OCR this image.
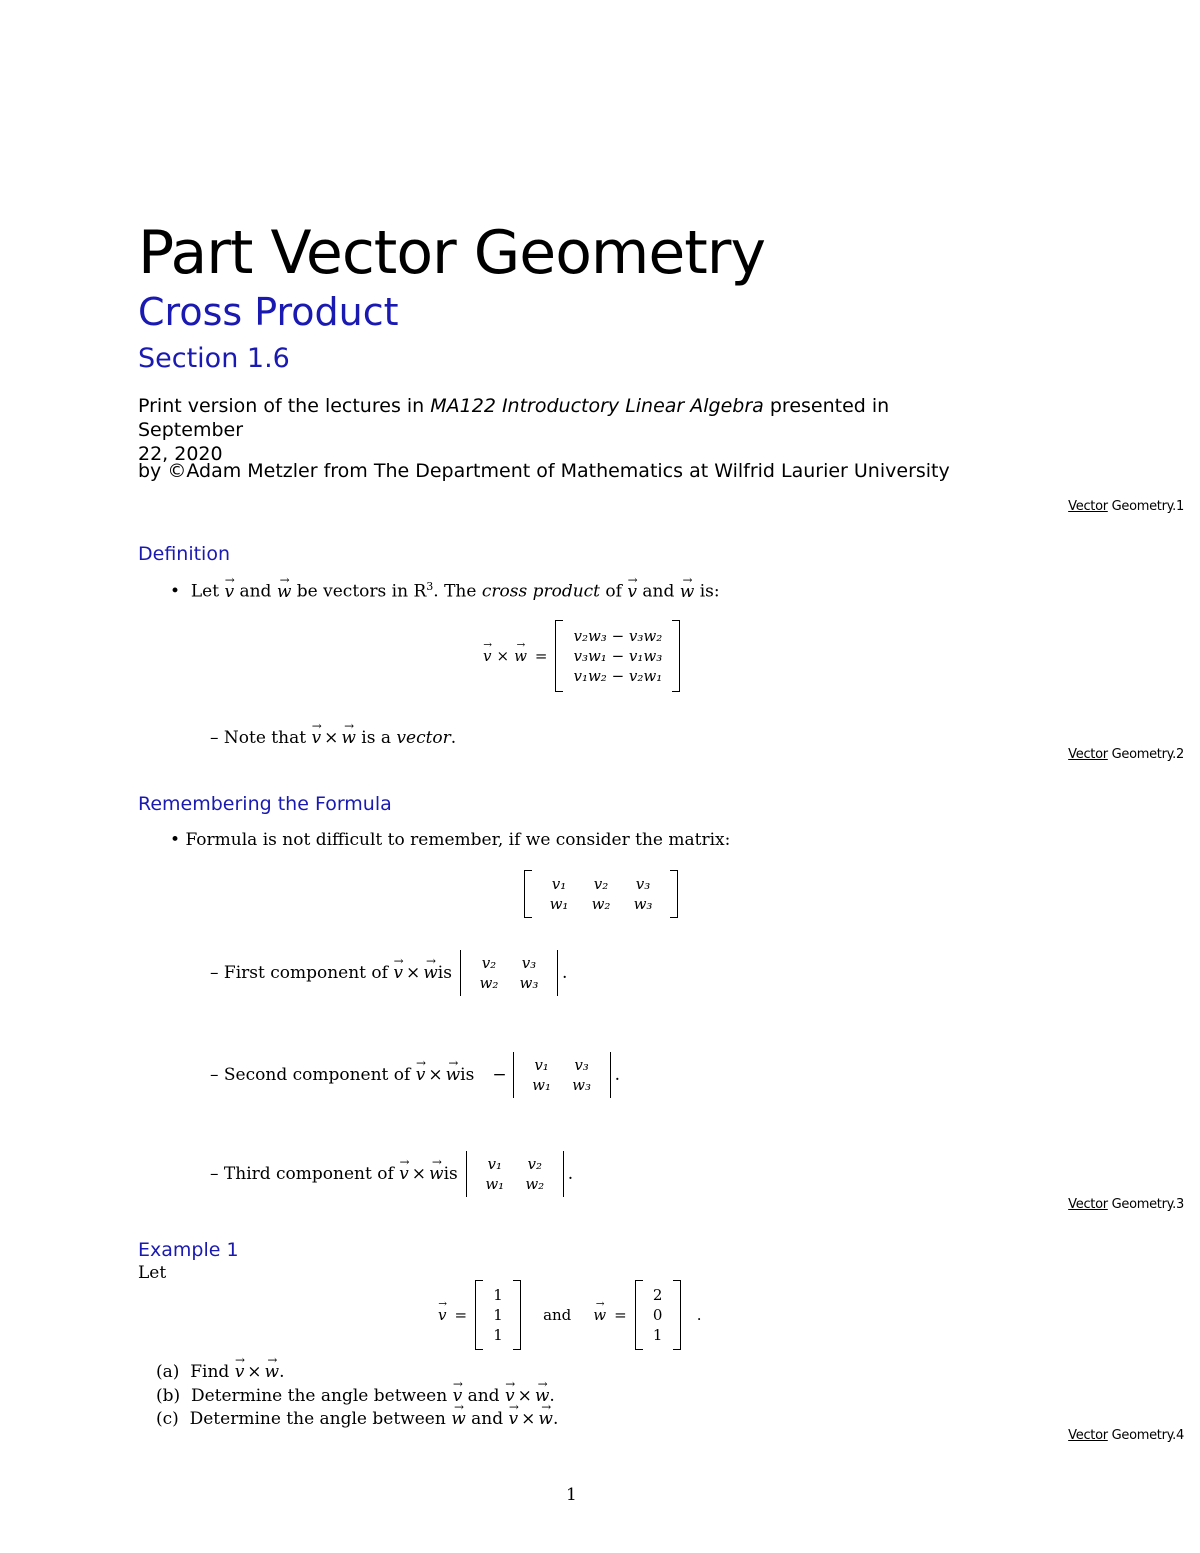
Part Vector Geometry
Cross Product
Section 1.6
Print version of the lectures in MA122 Introductory Linear Algebra presented in September
22, 2020
by ©Adam Metzler from The Department of Mathematics at Wilfrid Laurier University
Vector Geometry.1
Definition
•  Let → v and → w be vectors in $R^3$. The cross product of → v and → w is:
→ v × → w =
v₂w₃ − v₃w₂
v₃w₁ − v₁w₃
v₁w₂ − v₂w₁
– Note that → v × → w is a vector.
Vector Geometry.2
Remembering the Formula
• Formula is not difficult to remember, if we consider the matrix:
v₁	v₂	v₃
w₁	w₂	w₃
– First component of
→ v × → w is	v₂	v₃
w₂	w₃	.
– Second component of
→ v × → w is −	v₁	v₃
w₁	w₃	.
– Third component of
→ v × → w is	v₁	v₂
w₁	w₂	.
Vector Geometry.3
Example 1
Let
→ v =
1
1
1
and → w =
2
0
1
.
(a) Find → v × → w.
(b) Determine the angle between → v and → v × → w.
(c) Determine the angle between → w and → v × → w.
Vector Geometry.4
1
